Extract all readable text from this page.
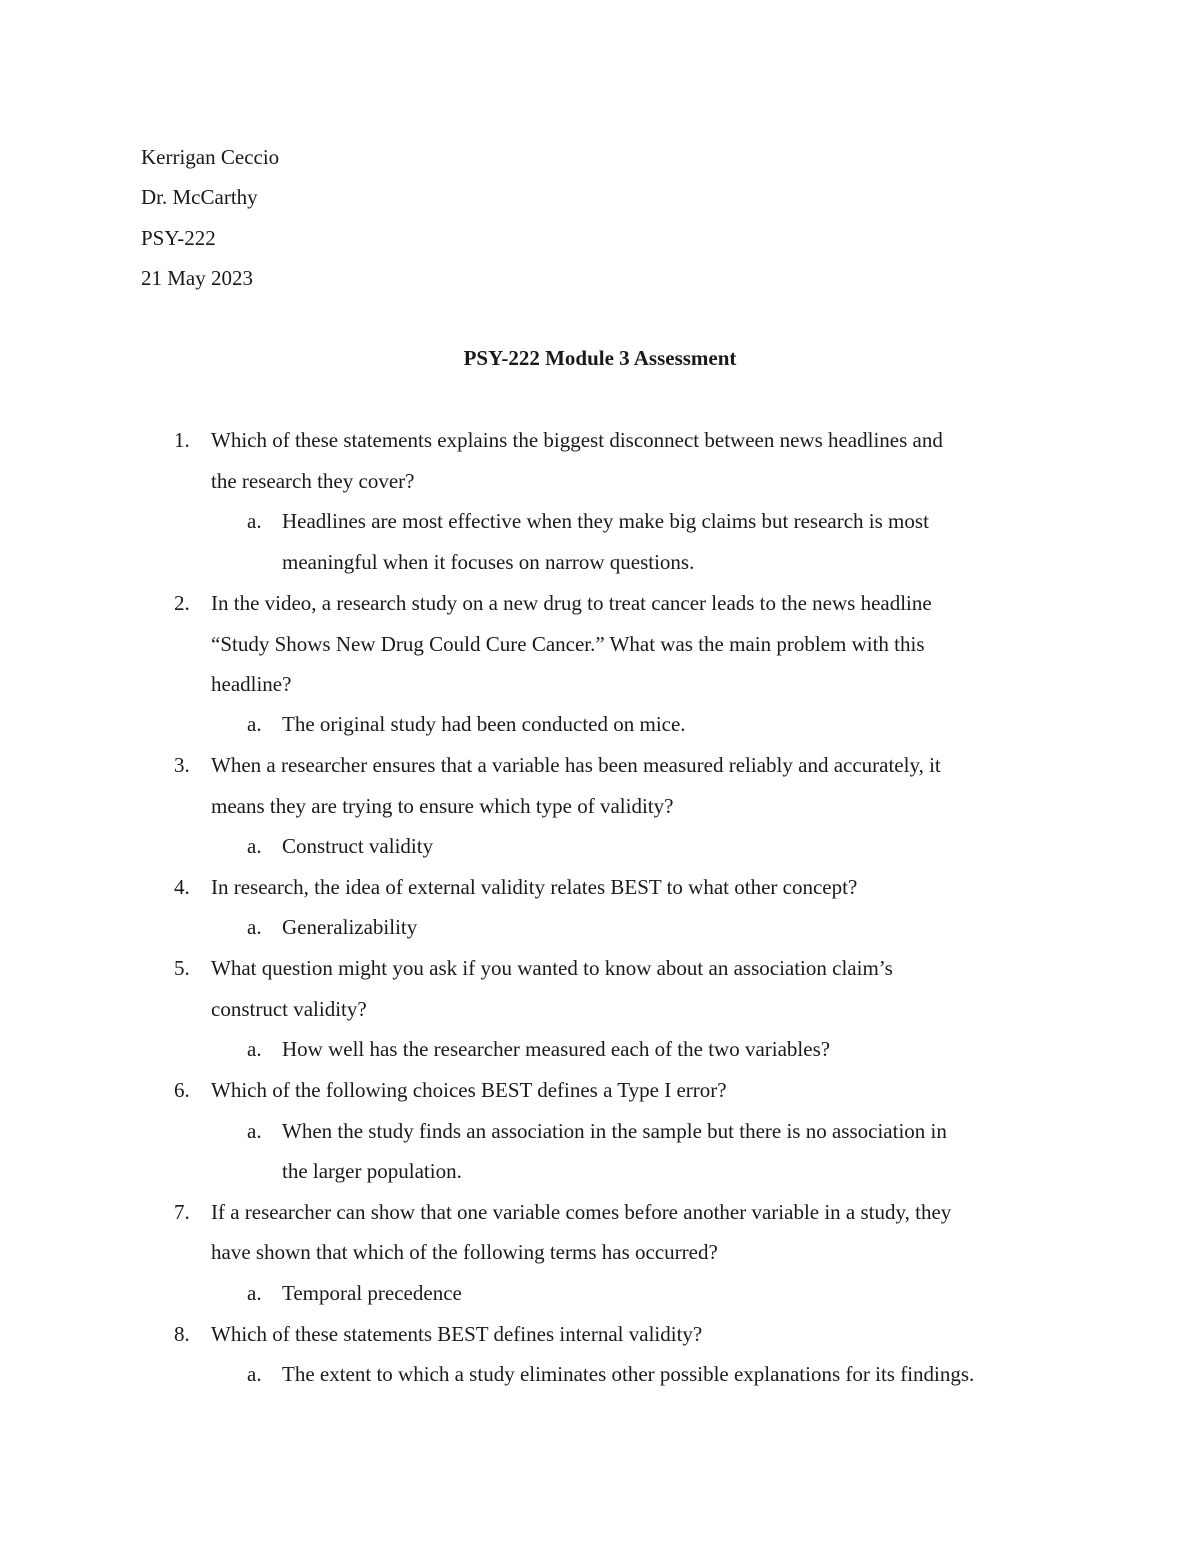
Kerrigan Ceccio
Dr. McCarthy
PSY-222
21 May 2023
PSY-222 Module 3 Assessment
1.	Which of these statements explains the biggest disconnect between news headlines and
the research they cover?
a. Headlines are most effective when they make big claims but research is most
meaningful when it focuses on narrow questions.
2.	In the video, a research study on a new drug to treat cancer leads to the news headline
“Study Shows New Drug Could Cure Cancer.” What was the main problem with this
headline?
a. The original study had been conducted on mice.
3.	When a researcher ensures that a variable has been measured reliably and accurately, it
means they are trying to ensure which type of validity?
a. Construct validity
4.	In research, the idea of external validity relates BEST to what other concept?
a. Generalizability
5.	What question might you ask if you wanted to know about an association claim’s
construct validity?
a. How well has the researcher measured each of the two variables?
6.	Which of the following choices BEST defines a Type I error?
a. When the study finds an association in the sample but there is no association in
the larger population.
7.	If a researcher can show that one variable comes before another variable in a study, they
have shown that which of the following terms has occurred?
a. Temporal precedence
8.	Which of these statements BEST defines internal validity?
a. The extent to which a study eliminates other possible explanations for its findings.
